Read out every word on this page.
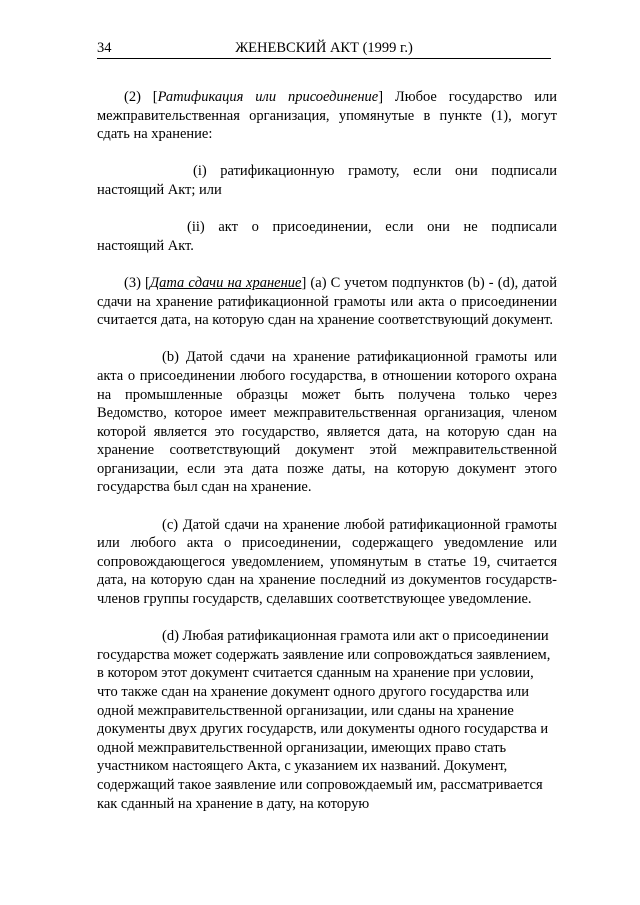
34	ЖЕНЕВСКИЙ АКТ (1999 г.)

(2) [Ратификация или присоединение] Любое государство или межправительственная организация, упомянутые в пункте (1), могут сдать на хранение:

(i) ратификационную грамоту, если они подписали настоящий Акт; или

(ii) акт о присоединении, если они не подписали настоящий Акт.

(3) [Дата сдачи на хранение] (a) С учетом подпунктов (b) - (d), датой сдачи на хранение ратификационной грамоты или акта о присоединении считается дата, на которую сдан на хранение соответствующий документ.

(b) Датой сдачи на хранение ратификационной грамоты или акта о присоединении любого государства, в отношении которого охрана на промышленные образцы может быть получена только через Ведомство, которое имеет межправительственная организация, членом которой является это государство, является дата, на которую сдан на хранение соответствующий документ этой межправительственной организации, если эта дата позже даты, на которую документ этого государства был сдан на хранение.

(c) Датой сдачи на хранение любой ратификационной грамоты или любого акта о присоединении, содержащего уведомление или сопровождающегося уведомлением, упомянутым в статье 19, считается дата, на которую сдан на хранение последний из документов государств-членов группы государств, сделавших соответствующее уведомление.

(d) Любая ратификационная грамота или акт о присоединении государства может содержать заявление или сопровождаться заявлением, в котором этот документ считается сданным на хранение при условии, что также сдан на хранение документ одного другого государства или одной межправительственной организации, или сданы на хранение документы двух других государств, или документы одного государства и одной межправительственной организации, имеющих право стать участником настоящего Акта, с указанием их названий. Документ, содержащий такое заявление или сопровождаемый им, рассматривается как сданный на хранение в дату, на которую
